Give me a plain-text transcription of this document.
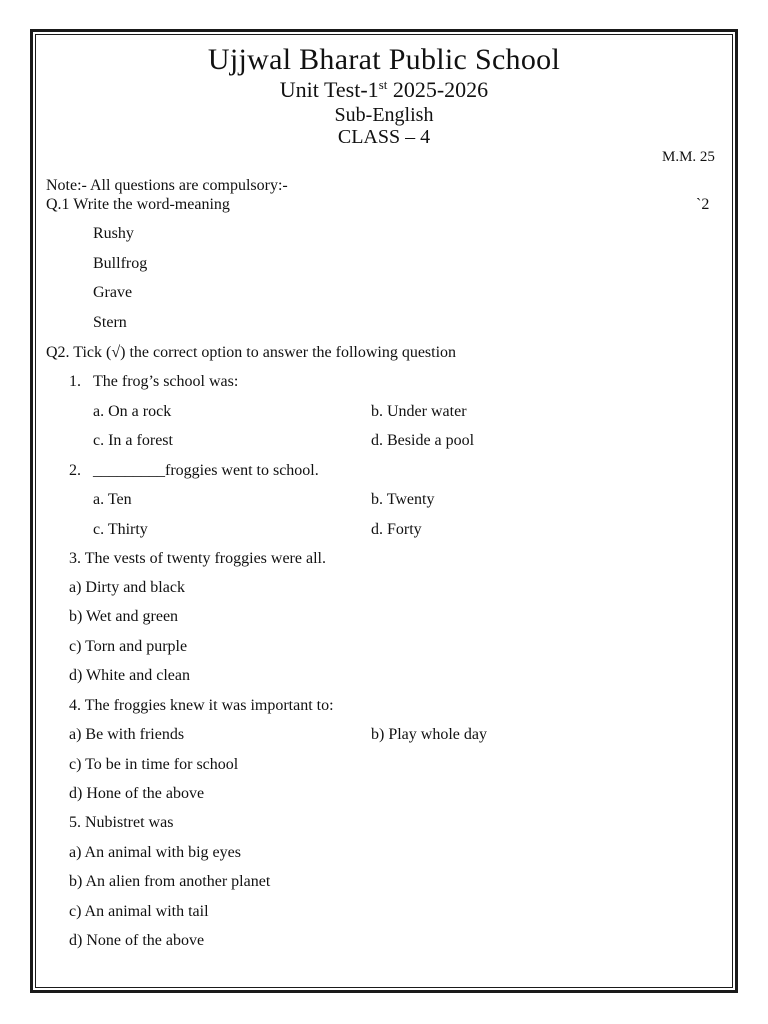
Ujjwal Bharat Public School
Unit Test-1st 2025-2026
Sub-English
CLASS – 4
M.M. 25
Note:- All questions are compulsory:-
Q.1 Write the word-meaning	`2
Rushy
Bullfrog
Grave
Stern
Q2. Tick (√) the correct option to answer the following question
1. The frog’s school was:
a. On a rock	b. Under water
c. In a forest	d. Beside a pool
2. _________froggies went to school.
a. Ten	b. Twenty
c. Thirty	d. Forty
3. The vests of twenty froggies were all.
a) Dirty and black
b) Wet and green
c) Torn and purple
d) White and clean
4. The froggies knew it was important to:
a) Be with friends	b) Play whole day
c) To be in time for school
d) Hone of the above
5. Nubistret was
a) An animal with big eyes
b) An alien from another planet
c) An animal with tail
d) None of the above
